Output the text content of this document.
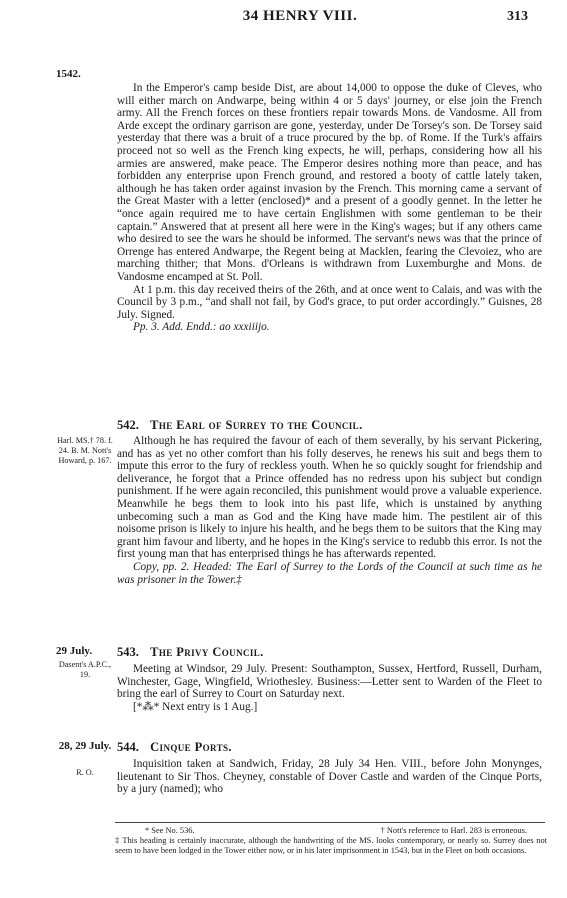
34 HENRY VIII.	313
1542.

In the Emperor's camp beside Dist, are about 14,000 to oppose the duke of Cleves, who will either march on Andwarpe, being within 4 or 5 days' journey, or else join the French army. All the French forces on these frontiers repair towards Mons. de Vandosme. All from Arde except the ordinary garrison are gone, yesterday, under De Torsey's son. De Torsey said yesterday that there was a bruit of a truce procured by the bp. of Rome. If the Turk's affairs proceed not so well as the French king expects, he will, perhaps, considering how all his armies are answered, make peace. The Emperor desires nothing more than peace, and has forbidden any enterprise upon French ground, and restored a booty of cattle lately taken, although he has taken order against invasion by the French. This morning came a servant of the Great Master with a letter (enclosed)* and a present of a goodly gennet. In the letter he “once again required me to have certain Englishmen with some gentleman to be their captain.” Answered that at present all here were in the King's wages; but if any others came who desired to see the wars he should be informed. The servant's news was that the prince of Orrenge has entered Andwarpe, the Regent being at Macklen, fearing the Clevoiez, who are marching thither; that Mons. d'Orleans is withdrawn from Luxemburghe and Mons. de Vandosme encamped at St. Poll.

At 1 p.m. this day received theirs of the 26th, and at once went to Calais, and was with the Council by 3 p.m., “and shall not fail, by God's grace, to put order accordingly.” Guisnes, 28 July. Signed.

Pp. 3. Add. Endd.: ao xxxiiijo.

542. The Earl of Surrey to the Council.
Harl. MS.† 78. f. 24. B. M. Nott's Howard, p. 167.

Although he has required the favour of each of them severally, by his servant Pickering, and has as yet no other comfort than his folly deserves, he renews his suit and begs them to impute this error to the fury of reckless youth. When he so quickly sought for friendship and deliverance, he forgot that a Prince offended has no redress upon his subject but condign punishment. If he were again reconciled, this punishment would prove a valuable experience. Meanwhile he begs them to look into his past life, which is unstained by anything unbecoming such a man as God and the King have made him. The pestilent air of this noisome prison is likely to injure his health, and he begs them to be suitors that the King may grant him favour and liberty, and he hopes in the King's service to redubb this error. Is not the first young man that has enterprised things he has afterwards repented.

Copy, pp. 2. Headed: The Earl of Surrey to the Lords of the Council at such time as he was prisoner in the Tower.‡

29 July.
Dasent's A.P.C., 19.
543. The Privy Council.

Meeting at Windsor, 29 July. Present: Southampton, Sussex, Hertford, Russell, Durham, Winchester, Gage, Wingfield, Wriothesley. Business:—Letter sent to Warden of the Fleet to bring the earl of Surrey to Court on Saturday next.

[*⁂* Next entry is 1 Aug.]

28, 29 July.
R. O.
544. Cinque Ports.

Inquisition taken at Sandwich, Friday, 28 July 34 Hen. VIII., before John Monynges, lieutenant to Sir Thos. Cheyney, constable of Dover Castle and warden of the Cinque Ports, by a jury (named); who

* See No. 536.	† Nott's reference to Harl. 283 is erroneous.

‡ This heading is certainly inaccurate, although the handwriting of the MS. looks contemporary, or nearly so. Surrey does not seem to have been lodged in the Tower either now, or in his later imprisonment in 1543, but in the Fleet on both occasions.
